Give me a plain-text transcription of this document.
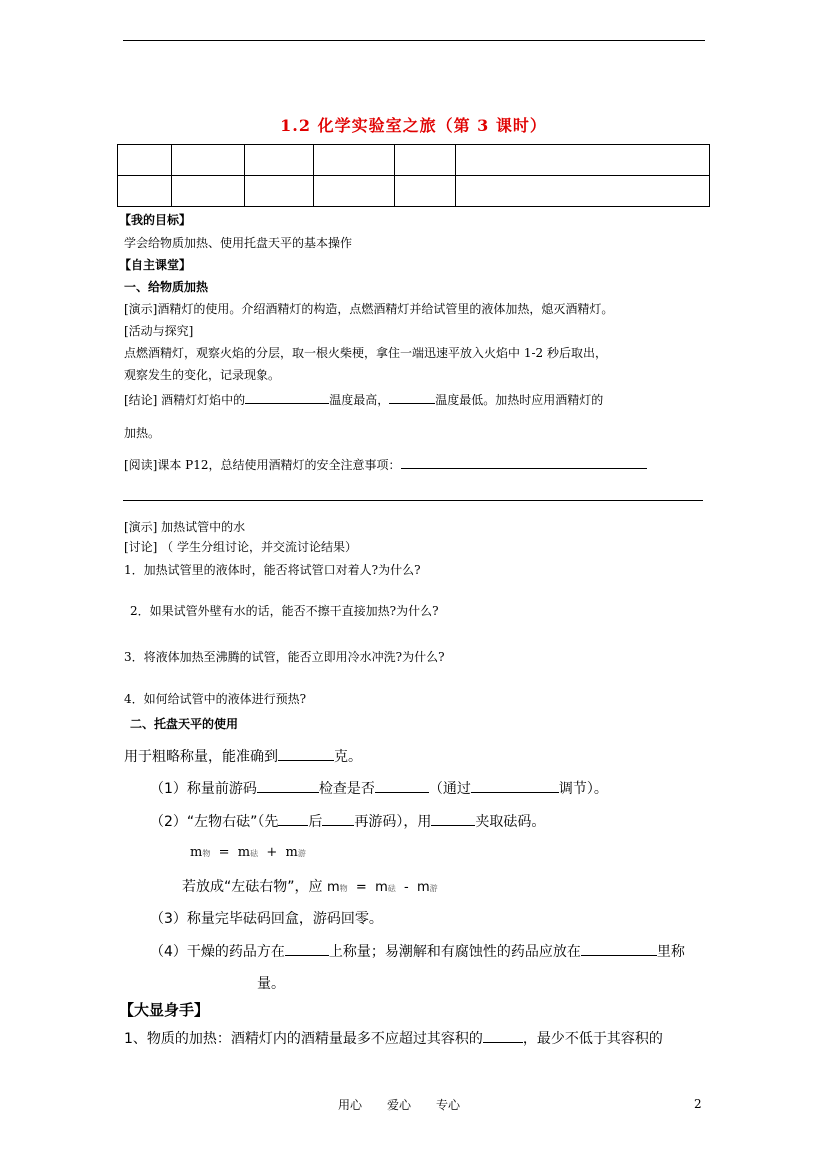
1.2 化学实验室之旅（第 3 课时）

【我的目标】
学会给物质加热、使用托盘天平的基本操作
【自主课堂】
一、给物质加热
[演示]酒精灯的使用。介绍酒精灯的构造，点燃酒精灯并给试管里的液体加热，熄灭酒精灯。
[活动与探究]
点燃酒精灯，观察火焰的分层，取一根火柴梗，拿住一端迅速平放入火焰中 1-2 秒后取出，
观察发生的变化，记录现象。
[结论] 酒精灯灯焰中的	温度最高，	温度最低。加热时应用酒精灯的
加热。
[阅读]课本 P12，总结使用酒精灯的安全注意事项：
[演示] 加热试管中的水
[讨论] （ 学生分组讨论，并交流讨论结果）
1．加热试管里的液体时，能否将试管口对着人?为什么?
2．如果试管外壁有水的话，能否不擦干直接加热?为什么?
3．将液体加热至沸腾的试管，能否立即用冷水冲洗?为什么?
4．如何给试管中的液体进行预热?
二、托盘天平的使用
用于粗略称量，能准确到	克。
（1）称量前游码	检查是否	（通过	调节）。
（2）“左物右砝”（先 后 再游码），用	夹取砝码。
m物 = m砝 + m游
若放成“左砝右物”，应 m物 = m砝 - m游
（3）称量完毕砝码回盒，游码回零。
（4）干燥的药品方在	上称量；易潮解和有腐蚀性的药品应放在	里称
量。
【大显身手】
1、物质的加热：酒精灯内的酒精量最多不应超过其容积的	，最少不低于其容积的
用心 爱心 专心	2
